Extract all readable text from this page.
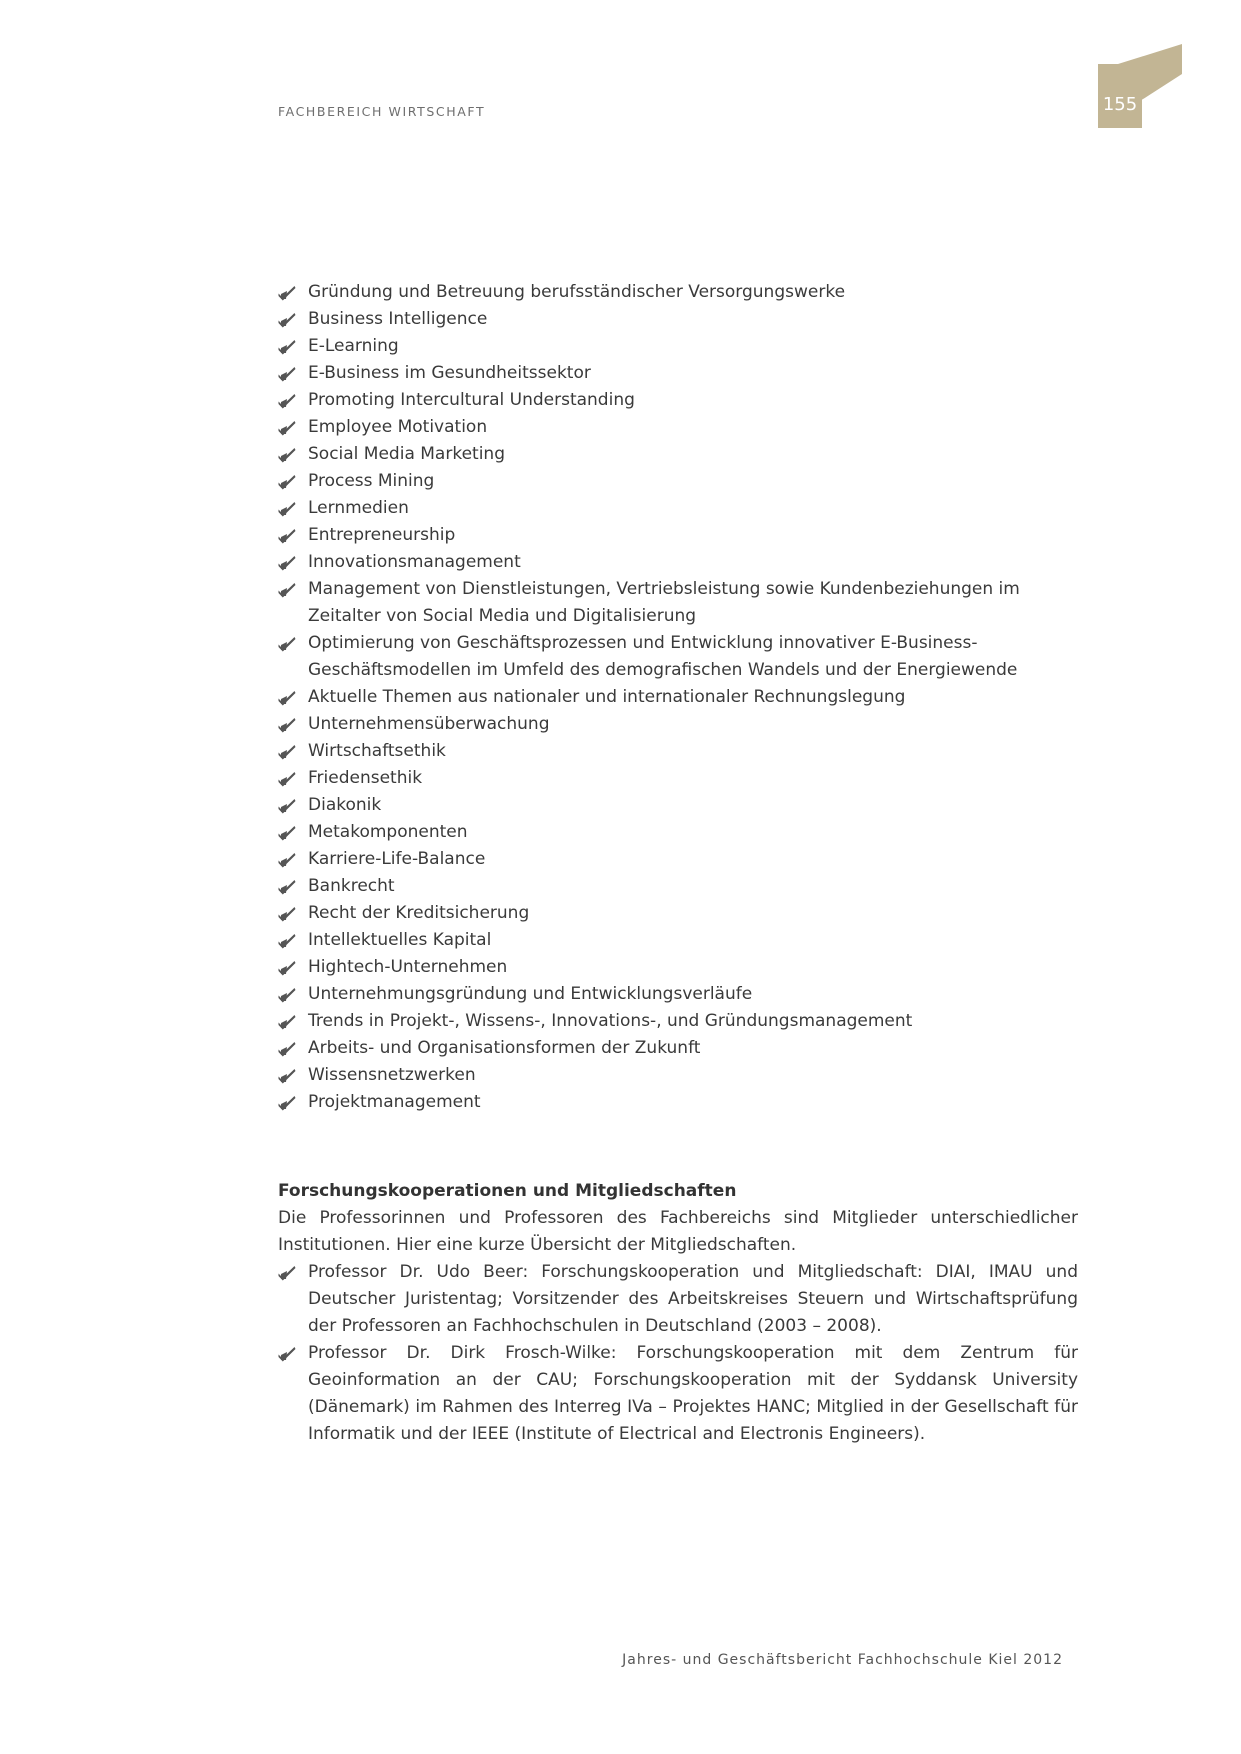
FACHBEREICH WIRTSCHAFT	155
Gründung und Betreuung berufsständischer Versorgungswerke
Business Intelligence
E-Learning
E-Business im Gesundheitssektor
Promoting Intercultural Understanding
Employee Motivation
Social Media Marketing
Process Mining
Lernmedien
Entrepreneurship
Innovationsmanagement
Management von Dienstleistungen, Vertriebsleistung sowie Kundenbeziehungen im Zeitalter von Social Media und Digitalisierung
Optimierung von Geschäftsprozessen und Entwicklung innovativer E-Business-Geschäftsmodellen im Umfeld des demografischen Wandels und der Energiewende
Aktuelle Themen aus nationaler und internationaler Rechnungslegung
Unternehmensüberwachung
Wirtschaftsethik
Friedensethik
Diakonik
Metakomponenten
Karriere-Life-Balance
Bankrecht
Recht der Kreditsicherung
Intellektuelles Kapital
Hightech-Unternehmen
Unternehmungsgründung und Entwicklungsverläufe
Trends in Projekt-, Wissens-, Innovations-, und Gründungsmanagement
Arbeits- und Organisationsformen der Zukunft
Wissensnetzwerken
Projektmanagement
Forschungskooperationen und Mitgliedschaften
Die Professorinnen und Professoren des Fachbereichs sind Mitglieder unterschiedlicher Institutionen. Hier eine kurze Übersicht der Mitgliedschaften.
Professor Dr. Udo Beer: Forschungskooperation und Mitgliedschaft: DIAI, IMAU und Deutscher Juristentag; Vorsitzender des Arbeitskreises Steuern und Wirtschaftsprüfung der Professoren an Fachhochschulen in Deutschland (2003 – 2008).
Professor Dr. Dirk Frosch-Wilke: Forschungskooperation mit dem Zentrum für Geoinformation an der CAU; Forschungskooperation mit der Syddansk University (Dänemark) im Rahmen des Interreg IVa – Projektes HANC; Mitglied in der Gesellschaft für Informatik und der IEEE (Institute of Electrical and Electronis Engineers).
Jahres- und Geschäftsbericht Fachhochschule Kiel 2012
